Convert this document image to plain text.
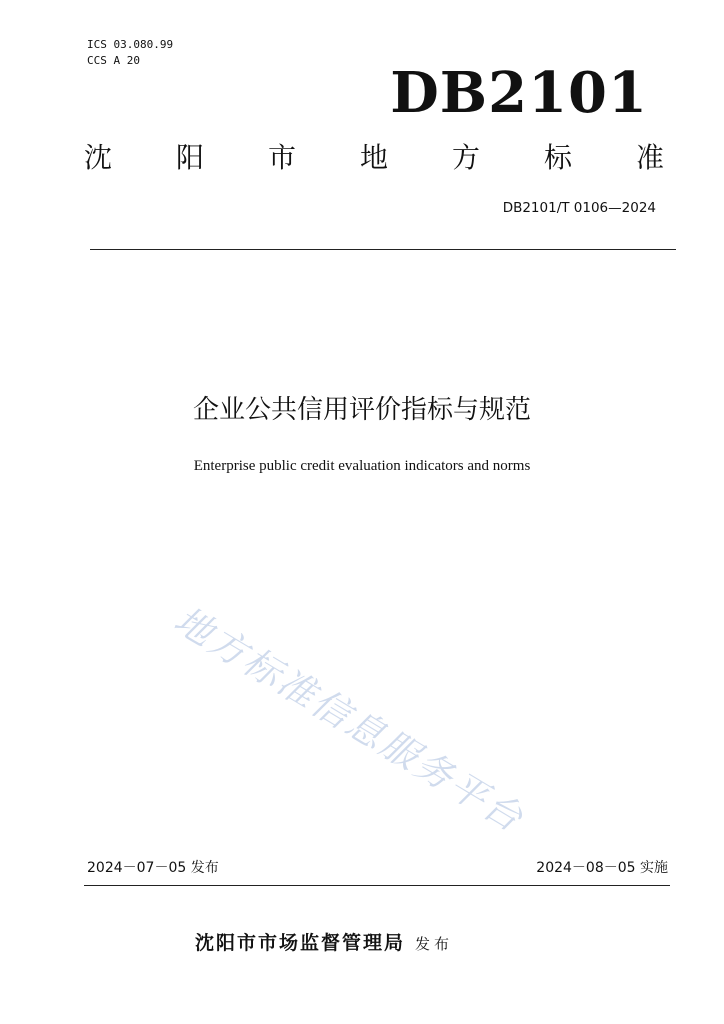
ICS 03.080.99
CCS A 20	DB2101
沈 阳 市 地 方 标 准
DB2101/T 0106—2024
企业公共信用评价指标与规范
Enterprise public credit evaluation indicators and norms
地方标准信息服务平台
2024－07－05 发布	2024－08－05 实施
沈阳市市场监督管理局 发布
